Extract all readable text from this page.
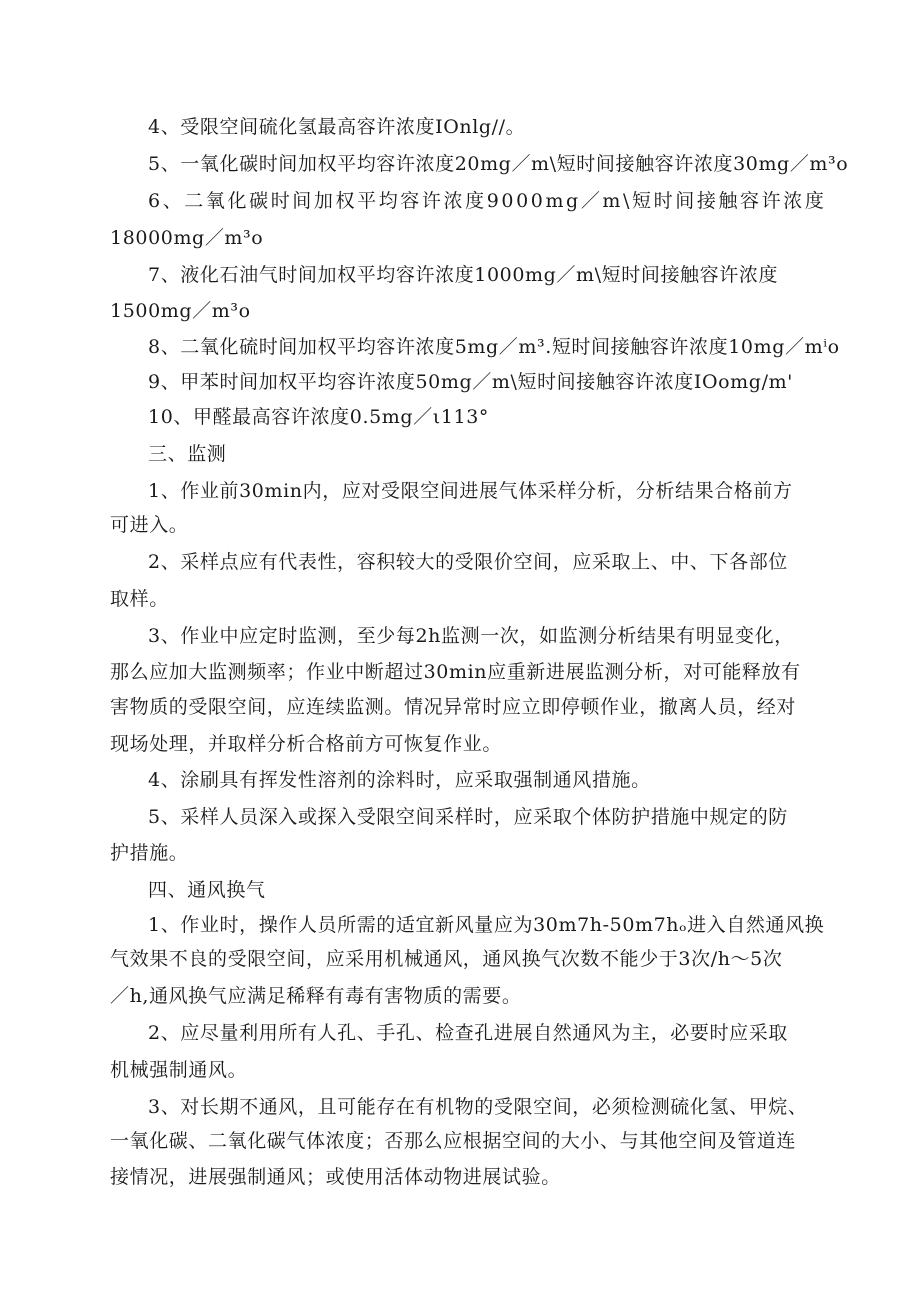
4、受限空间硫化氢最高容许浓度IOnlg//。
5、一氧化碳时间加权平均容许浓度20mg／m\短时间接触容许浓度30mg／m³o
6、二氧化碳时间加权平均容许浓度9000mg／m\短时间接触容许浓度
18000mg／m³o
7、液化石油气时间加权平均容许浓度1000mg／m\短时间接触容许浓度
1500mg／m³o
8、二氧化硫时间加权平均容许浓度5mg／m³.短时间接触容许浓度10mg／mⁱo
9、甲苯时间加权平均容许浓度50mg／m\短时间接触容许浓度IOomg/m'
10、甲醛最高容许浓度0.5mg／ι113°
三、监测
1、作业前30min内，应对受限空间进展气体采样分析，分析结果合格前方
可进入。
2、采样点应有代表性，容积较大的受限价空间，应采取上、中、下各部位
取样。
3、作业中应定时监测，至少每2h监测一次，如监测分析结果有明显变化，
那么应加大监测频率；作业中断超过30min应重新进展监测分析，对可能释放有
害物质的受限空间，应连续监测。情况异常时应立即停顿作业，撤离人员，经对
现场处理，并取样分析合格前方可恢复作业。
4、涂刷具有挥发性溶剂的涂料时，应采取强制通风措施。
5、采样人员深入或探入受限空间采样时，应采取个体防护措施中规定的防
护措施。
四、通风换气
1、作业时，操作人员所需的适宜新风量应为30m7h-50m7hₒ进入自然通风换
气效果不良的受限空间，应采用机械通风，通风换气次数不能少于3次/h～5次
／h,通风换气应满足稀释有毒有害物质的需要。
2、应尽量利用所有人孔、手孔、检查孔进展自然通风为主，必要时应采取
机械强制通风。
3、对长期不通风，且可能存在有机物的受限空间，必须检测硫化氢、甲烷、
一氧化碳、二氧化碳气体浓度；否那么应根据空间的大小、与其他空间及管道连
接情况，进展强制通风；或使用活体动物进展试验。
